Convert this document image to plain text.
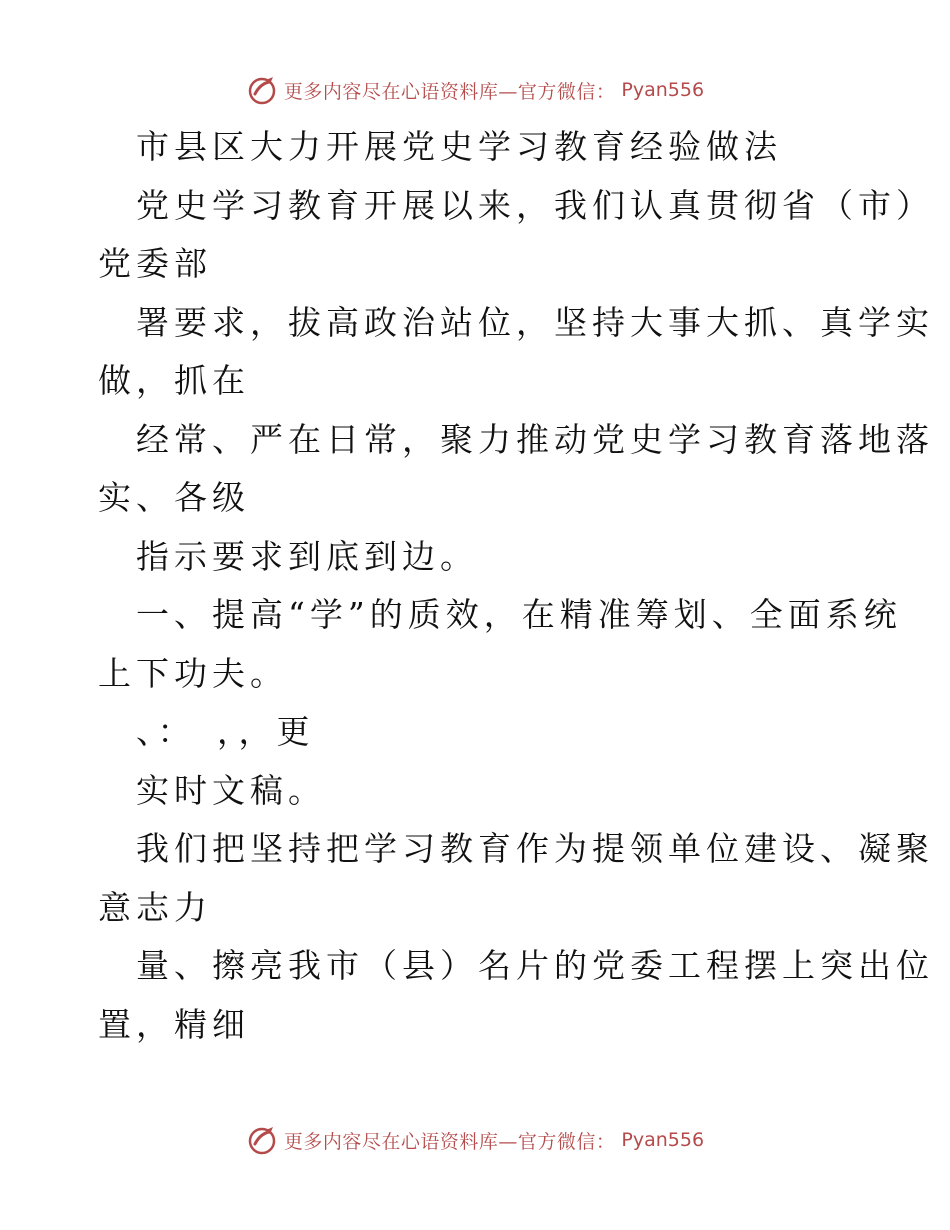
更多内容尽在心语资料库—官方微信： Pyan556
市县区大力开展党史学习教育经验做法
党史学习教育开展以来，我们认真贯彻省（市）
党委部
署要求，拔高政治站位，坚持大事大抓、真学实
做，抓在
经常、严在日常，聚力推动党史学习教育落地落
实、各级
指示要求到底到边。
一、提高“学”的质效，在精准筹划、全面系统
上下功夫。
、：　，，更
实时文稿。
我们把坚持把学习教育作为提领单位建设、凝聚
意志力
量、擦亮我市（县）名片的党委工程摆上突出位
置，精细
更多内容尽在心语资料库—官方微信： Pyan556
